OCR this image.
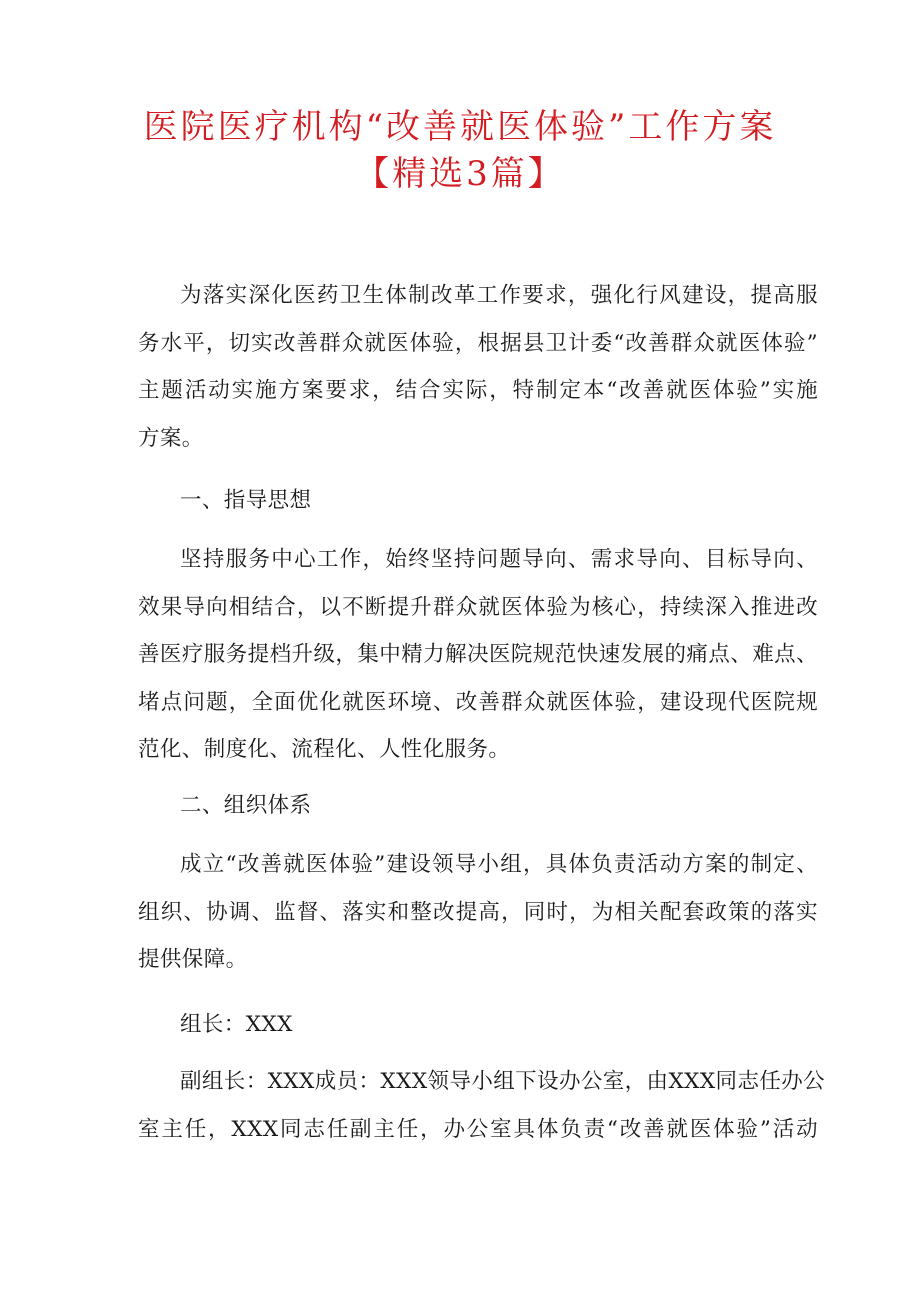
医院医疗机构“改善就医体验”工作方案
【精选3篇】
为落实深化医药卫生体制改革工作要求，强化行风建设，提高服
务水平，切实改善群众就医体验，根据县卫计委“改善群众就医体验”
主题活动实施方案要求，结合实际，特制定本“改善就医体验”实施
方案。
一、指导思想
坚持服务中心工作，始终坚持问题导向、需求导向、目标导向、
效果导向相结合，以不断提升群众就医体验为核心，持续深入推进改
善医疗服务提档升级，集中精力解决医院规范快速发展的痛点、难点、
堵点问题，全面优化就医环境、改善群众就医体验，建设现代医院规
范化、制度化、流程化、人性化服务。
二、组织体系
成立“改善就医体验”建设领导小组，具体负责活动方案的制定、
组织、协调、监督、落实和整改提高，同时，为相关配套政策的落实
提供保障。
组长：XXX
副组长：XXX成员：XXX领导小组下设办公室，由XXX同志任办公
室主任，XXX同志任副主任，办公室具体负责“改善就医体验”活动
